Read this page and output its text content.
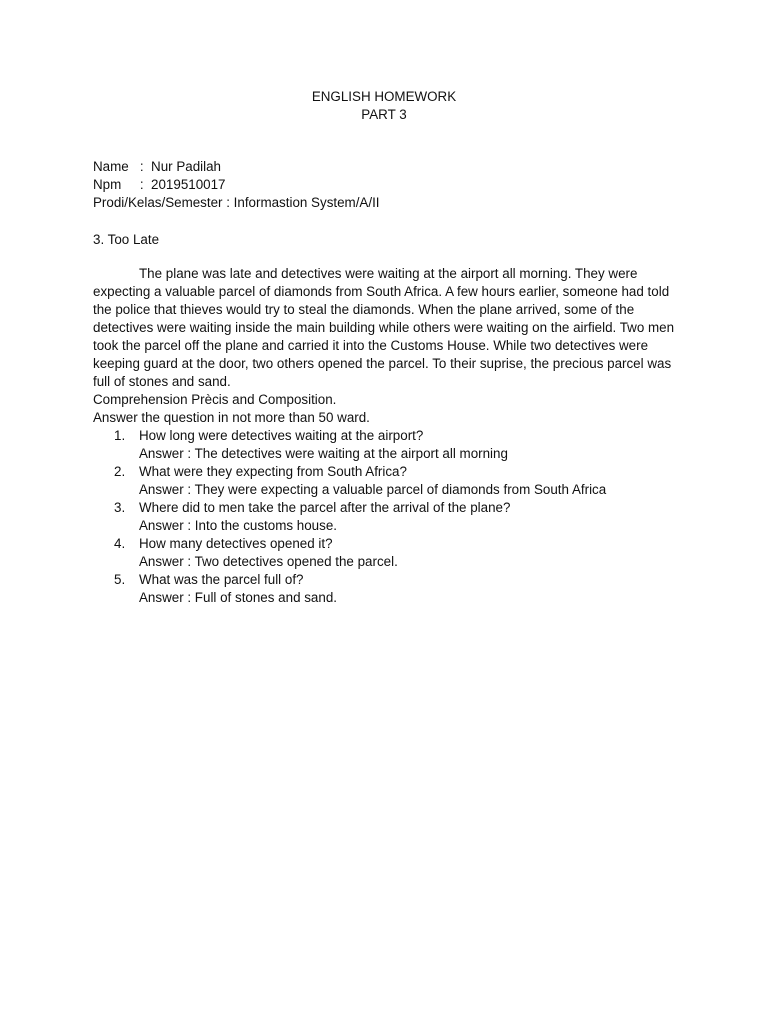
ENGLISH HOMEWORK
PART 3
Name   :  Nur Padilah
Npm     :  2019510017
Prodi/Kelas/Semester : Informastion System/A/II
3. Too Late

The plane was late and detectives were waiting at the airport all morning. They were expecting a valuable parcel of diamonds from South Africa. A few hours earlier, someone had told the police that thieves would try to steal the diamonds. When the plane arrived, some of the detectives were waiting inside the main building while others were waiting on the airfield. Two men took the parcel off the plane and carried it into the Customs House. While two detectives were keeping guard at the door, two others opened the parcel. To their suprise, the precious parcel was full of stones and sand.

Comprehension Prècis and Composition.

Answer the question in not more than 50 ward.

1.	How long were detectives waiting at the airport?
Answer : The detectives were waiting at the airport all morning
2.	What were they expecting from South Africa?
Answer : They were expecting a valuable parcel of diamonds from South Africa
3.	Where did to men take the parcel after the arrival of the plane?
Answer : Into the customs house.
4.	How many detectives opened it?
Answer : Two detectives opened the parcel.
5.	What was the parcel full of?
Answer : Full of stones and sand.
